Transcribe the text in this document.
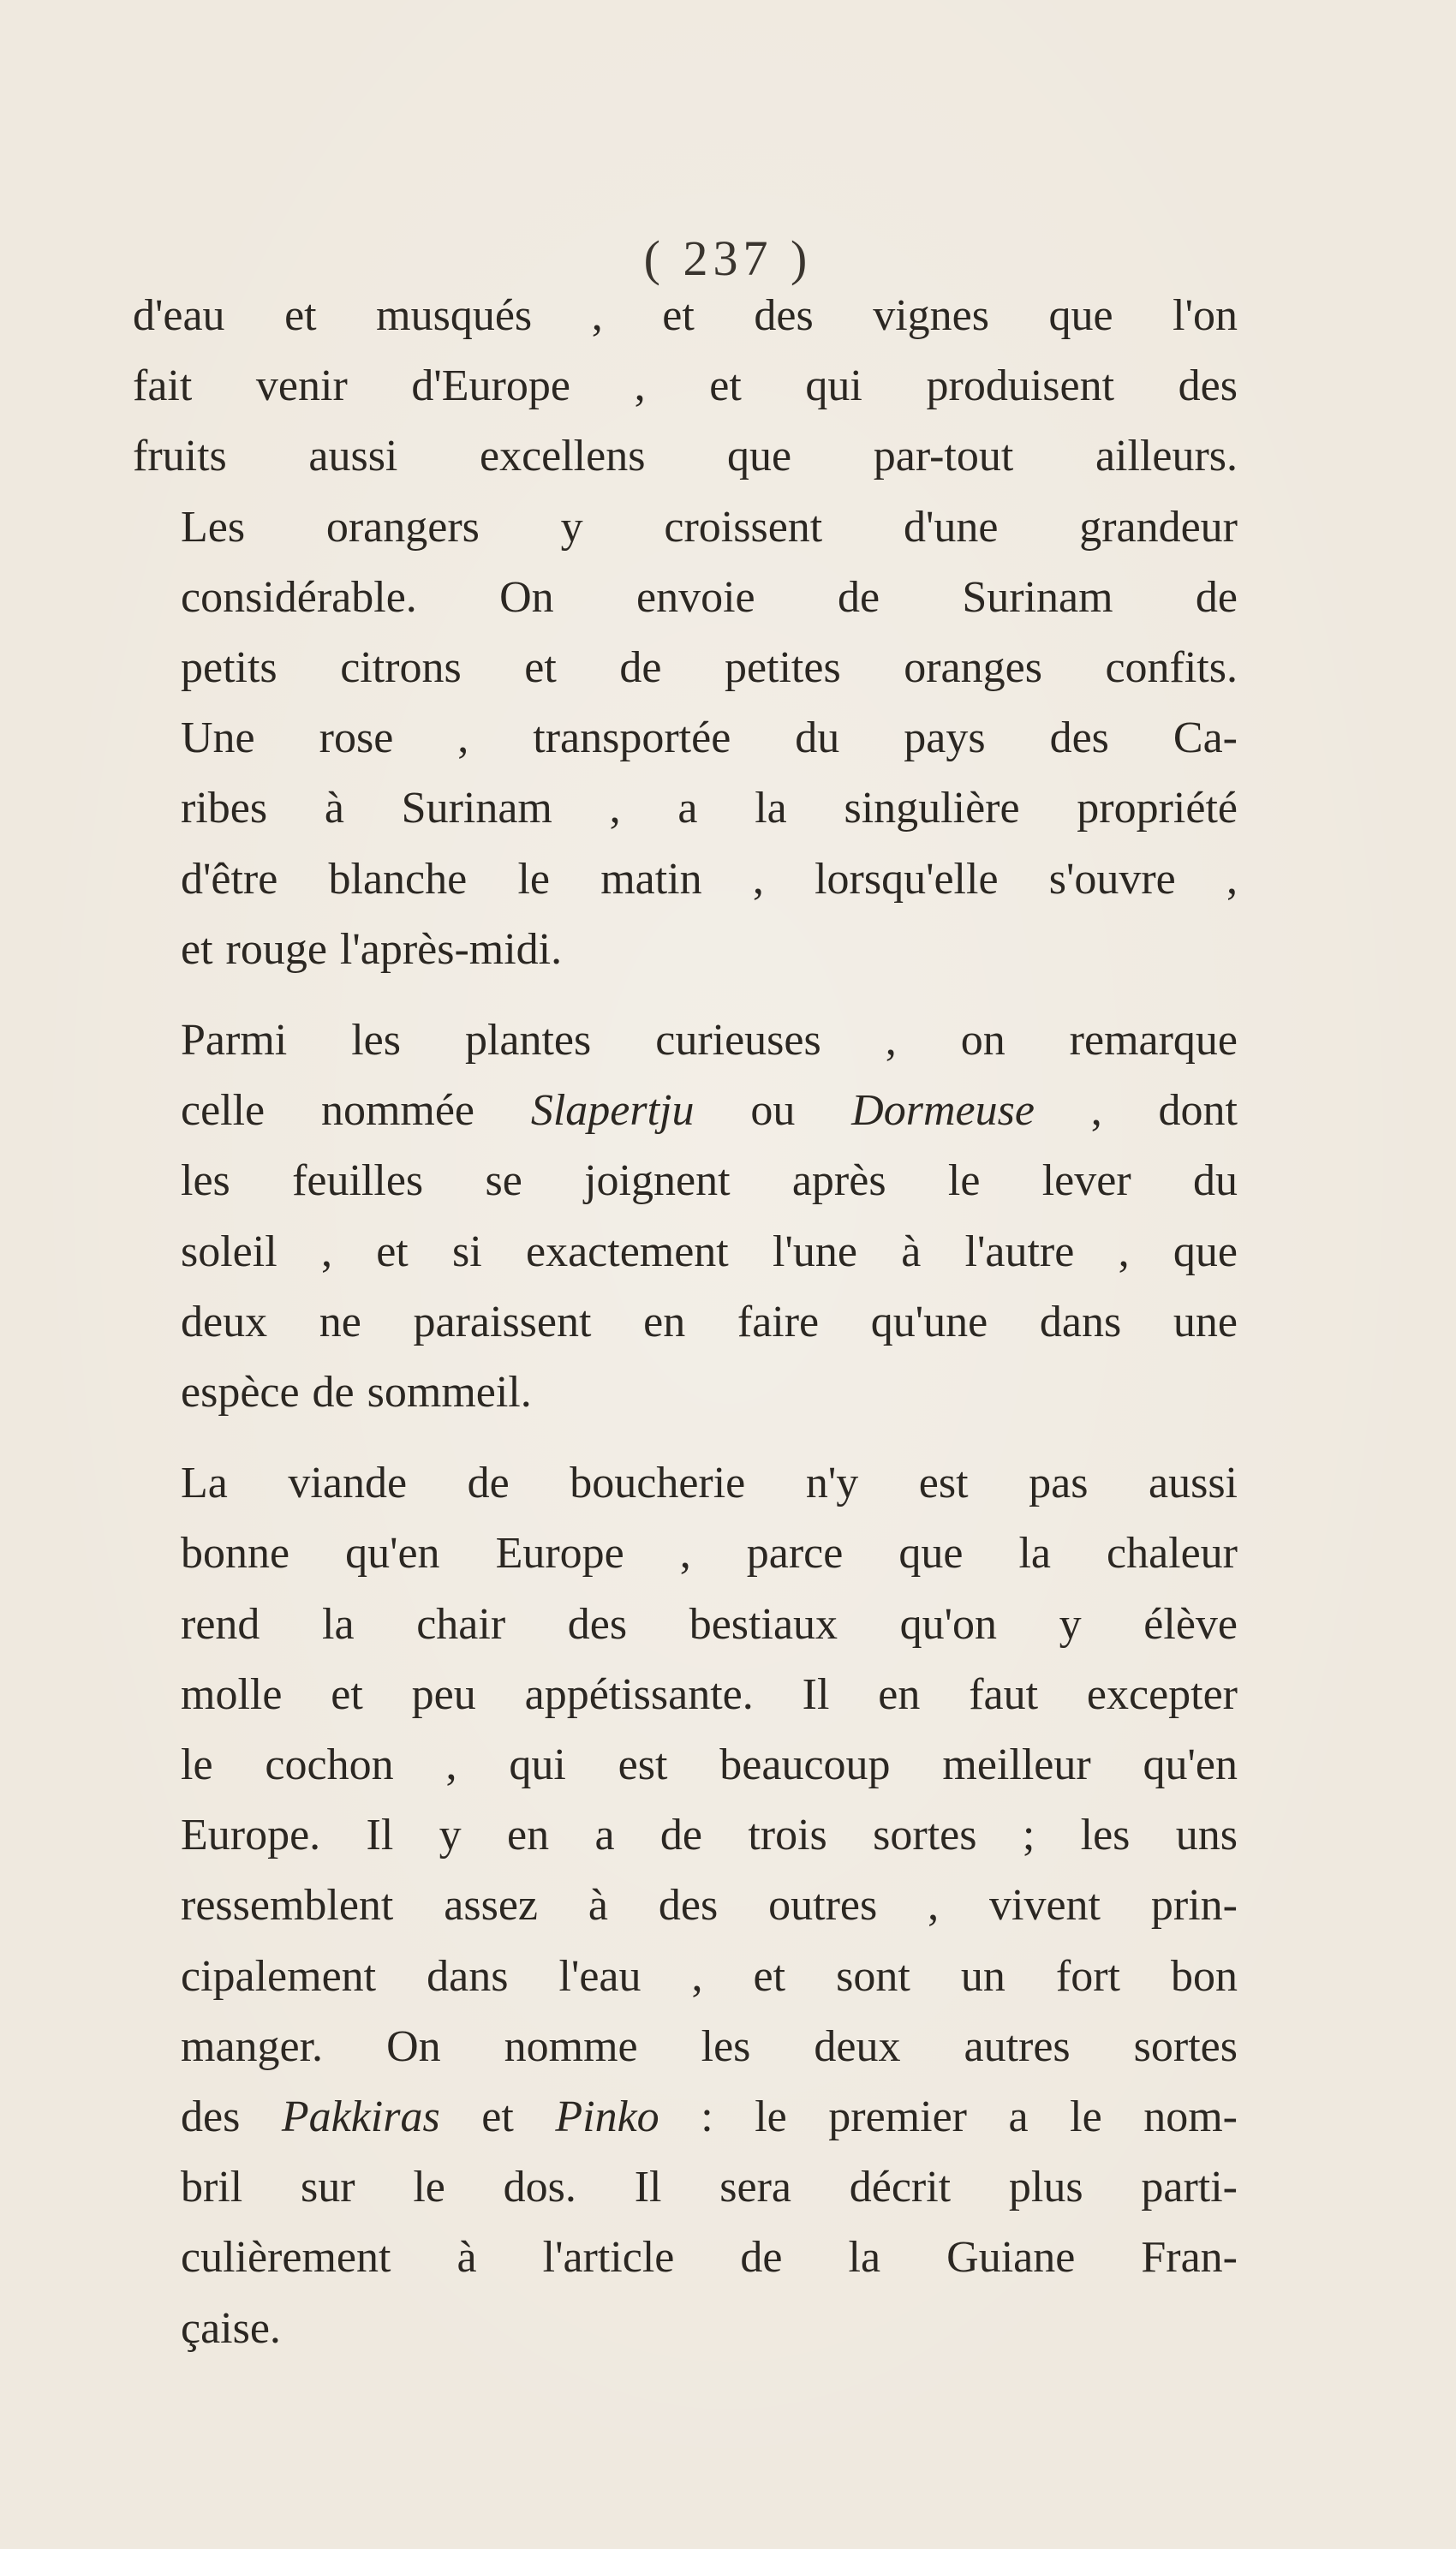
( 237 )

d'eau et musqués , et des vignes que l'on
fait venir d'Europe , et qui produisent des
fruits aussi excellens que par-tout ailleurs.

Les orangers y croissent d'une grandeur
considérable. On envoie de Surinam de
petits citrons et de petites oranges confits.

Une rose , transportée du pays des Ca-
ribes à Surinam , a la singulière propriété
d'être blanche le matin , lorsqu'elle s'ouvre ,
et rouge l'après-midi.

Parmi les plantes curieuses , on remarque
celle nommée Slapertju ou Dormeuse , dont
les feuilles se joignent après le lever du
soleil , et si exactement l'une à l'autre , que
deux ne paraissent en faire qu'une dans une
espèce de sommeil.

La viande de boucherie n'y est pas aussi
bonne qu'en Europe , parce que la chaleur
rend la chair des bestiaux qu'on y élève
molle et peu appétissante. Il en faut excepter
le cochon , qui est beaucoup meilleur qu'en
Europe. Il y en a de trois sortes ; les uns
ressemblent assez à des outres , vivent prin-
cipalement dans l'eau , et sont un fort bon
manger. On nomme les deux autres sortes
des Pakkiras et Pinko : le premier a le nom-
bril sur le dos. Il sera décrit plus parti-
culièrement à l'article de la Guiane Fran-
çaise.
